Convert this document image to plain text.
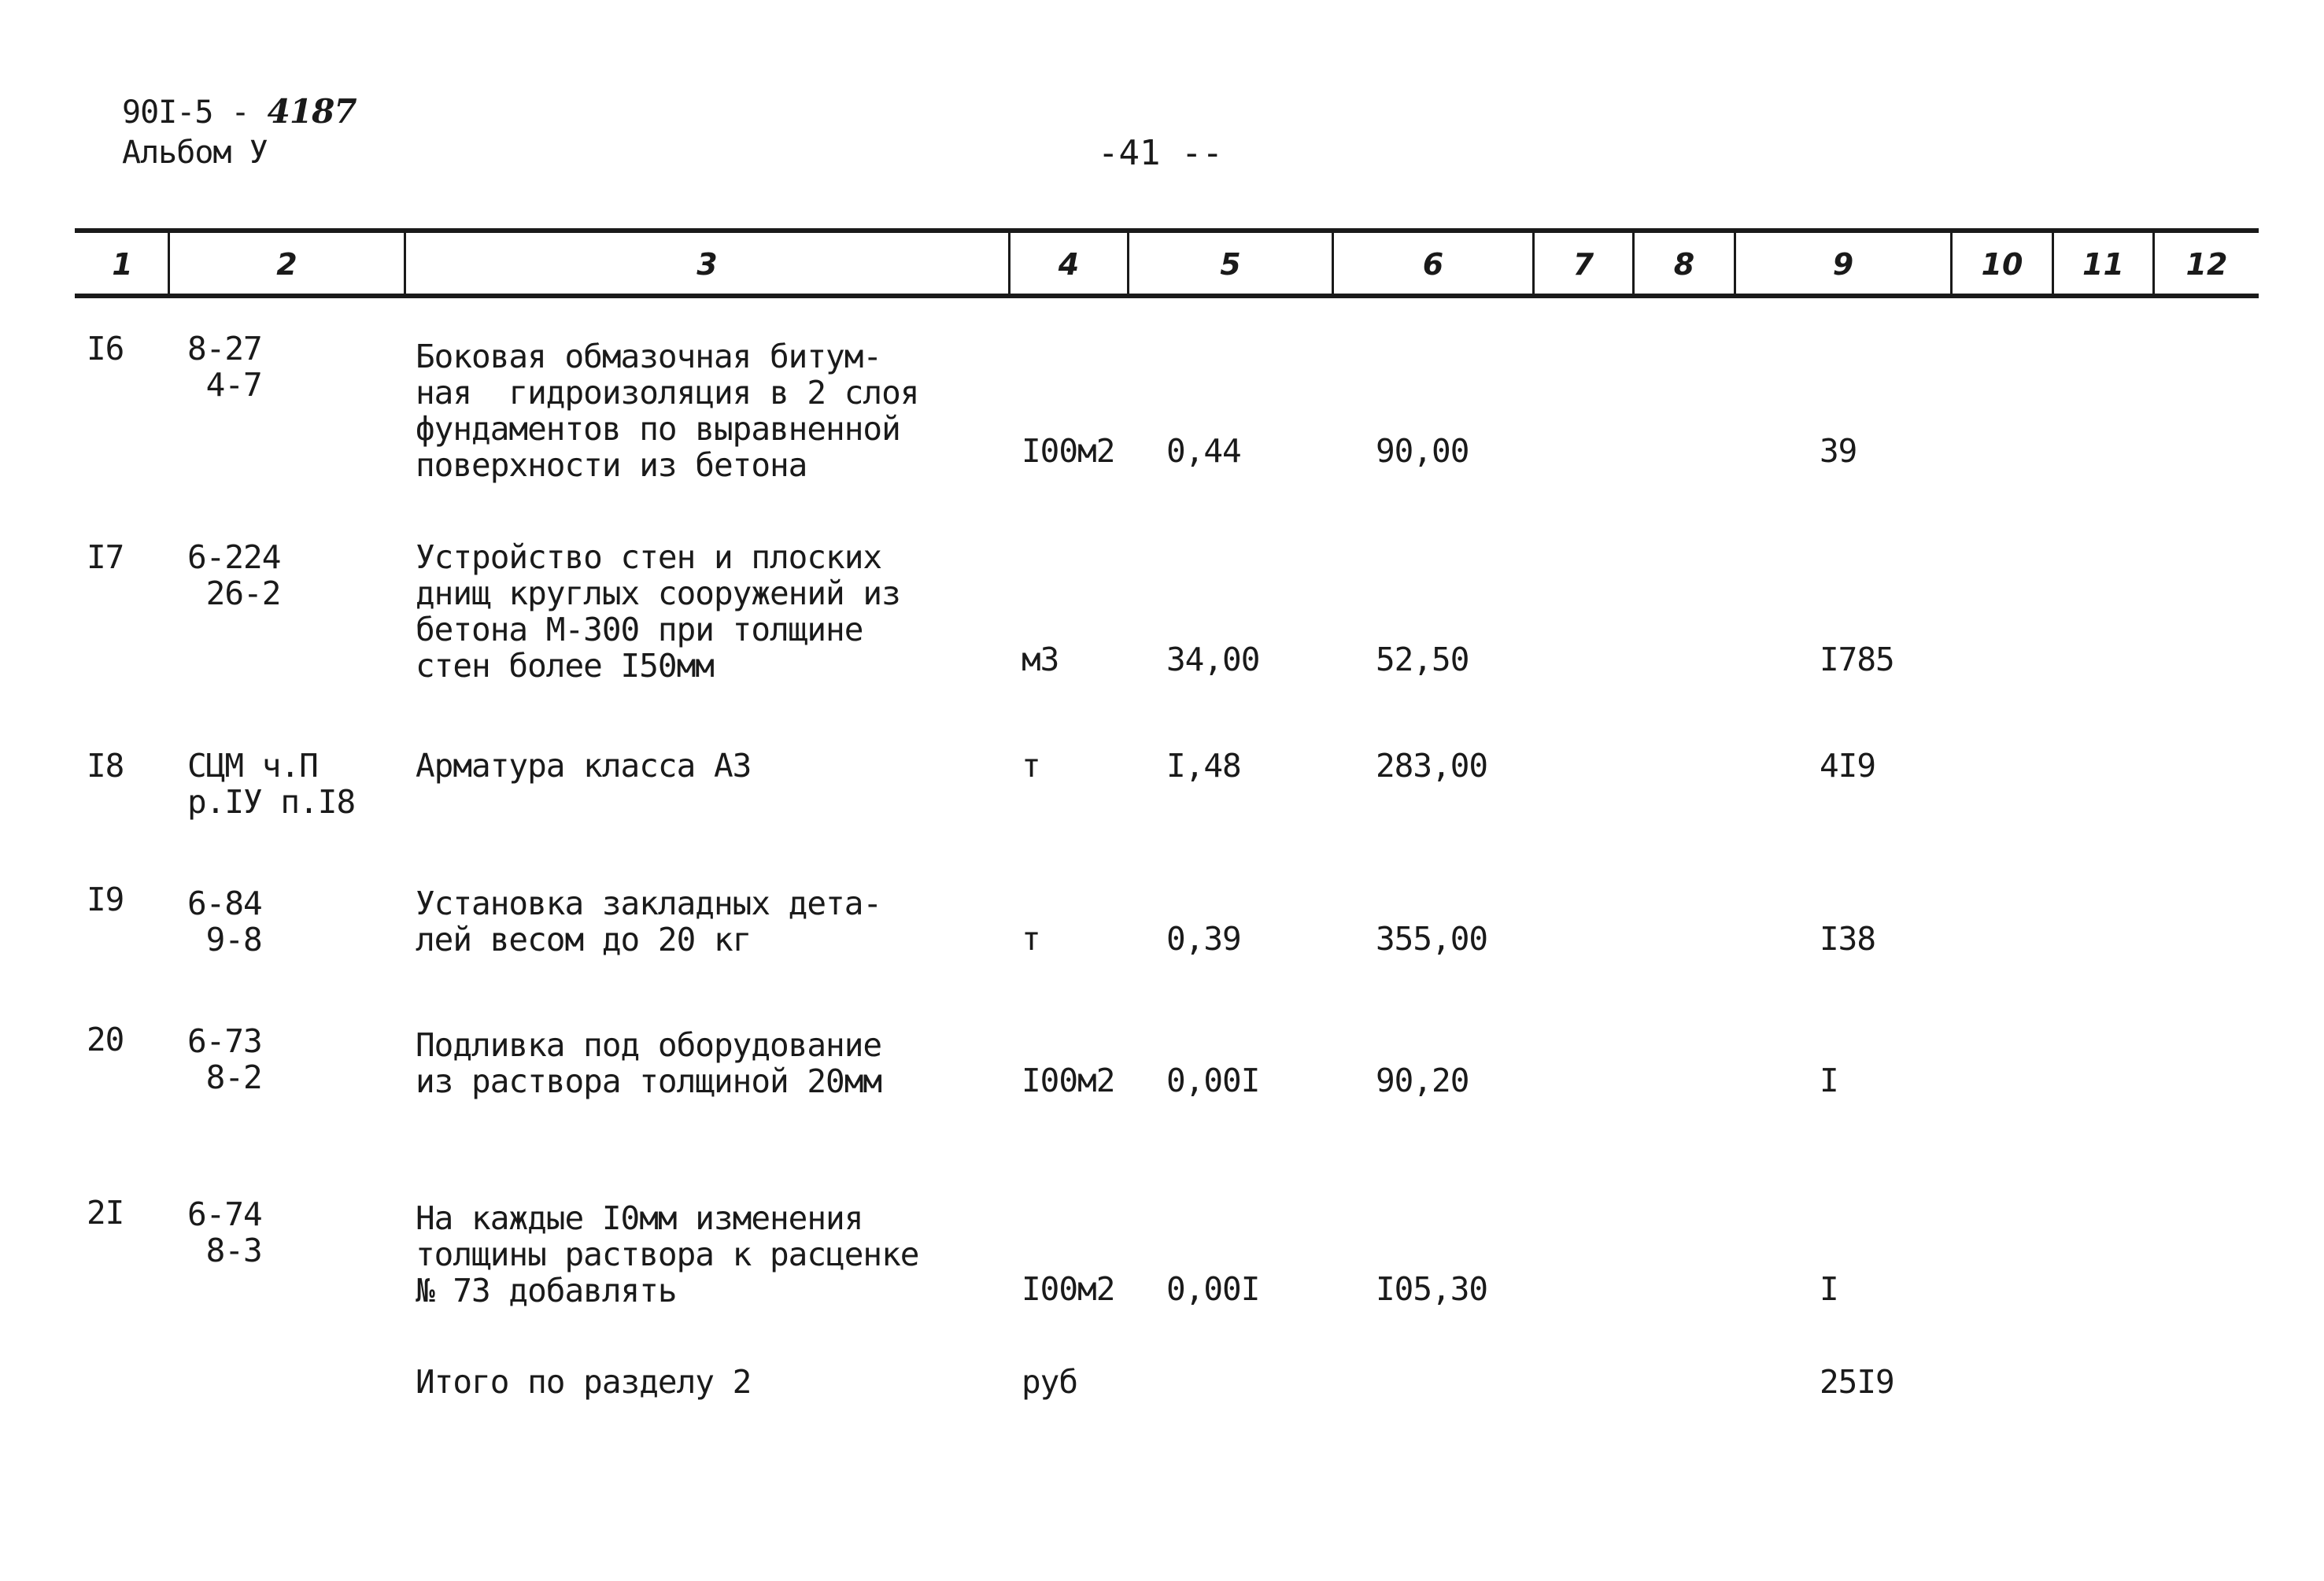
90I-5 - 4187
Альбом У	-41 --
1	2	3	4	5	6	7	8	9	10	11	12
I6 8-27
4-7
Боковая обмазочная битум-
ная  гидроизоляция в 2 слоя
фундаментов по выравненной
поверхности из бетона	I00м2 0,44	90,00	39
I7 6-224
26-2
Устройство стен и плоских
днищ круглых сооружений из
бетона М-300 при толщине
стен более I50мм	м3	34,00	52,50	I785
I8 СЦМ ч.П
р.IУ п.I8
Арматура класса А3	т	I,48	283,00	4I9
I9 6-84
9-8
Установка закладных дета-
лей весом до 20 кг	т	0,39	355,00	I38
20 6-73
8-2
Подливка под оборудование
из раствора толщиной 20мм	I00м2 0,00I	90,20	I
2I 6-74
8-3
На каждые I0мм изменения
толщины раствора к расценке
№ 73 добавлять	I00м2 0,00I	I05,30	I
Итого по разделу 2	руб	25I9
